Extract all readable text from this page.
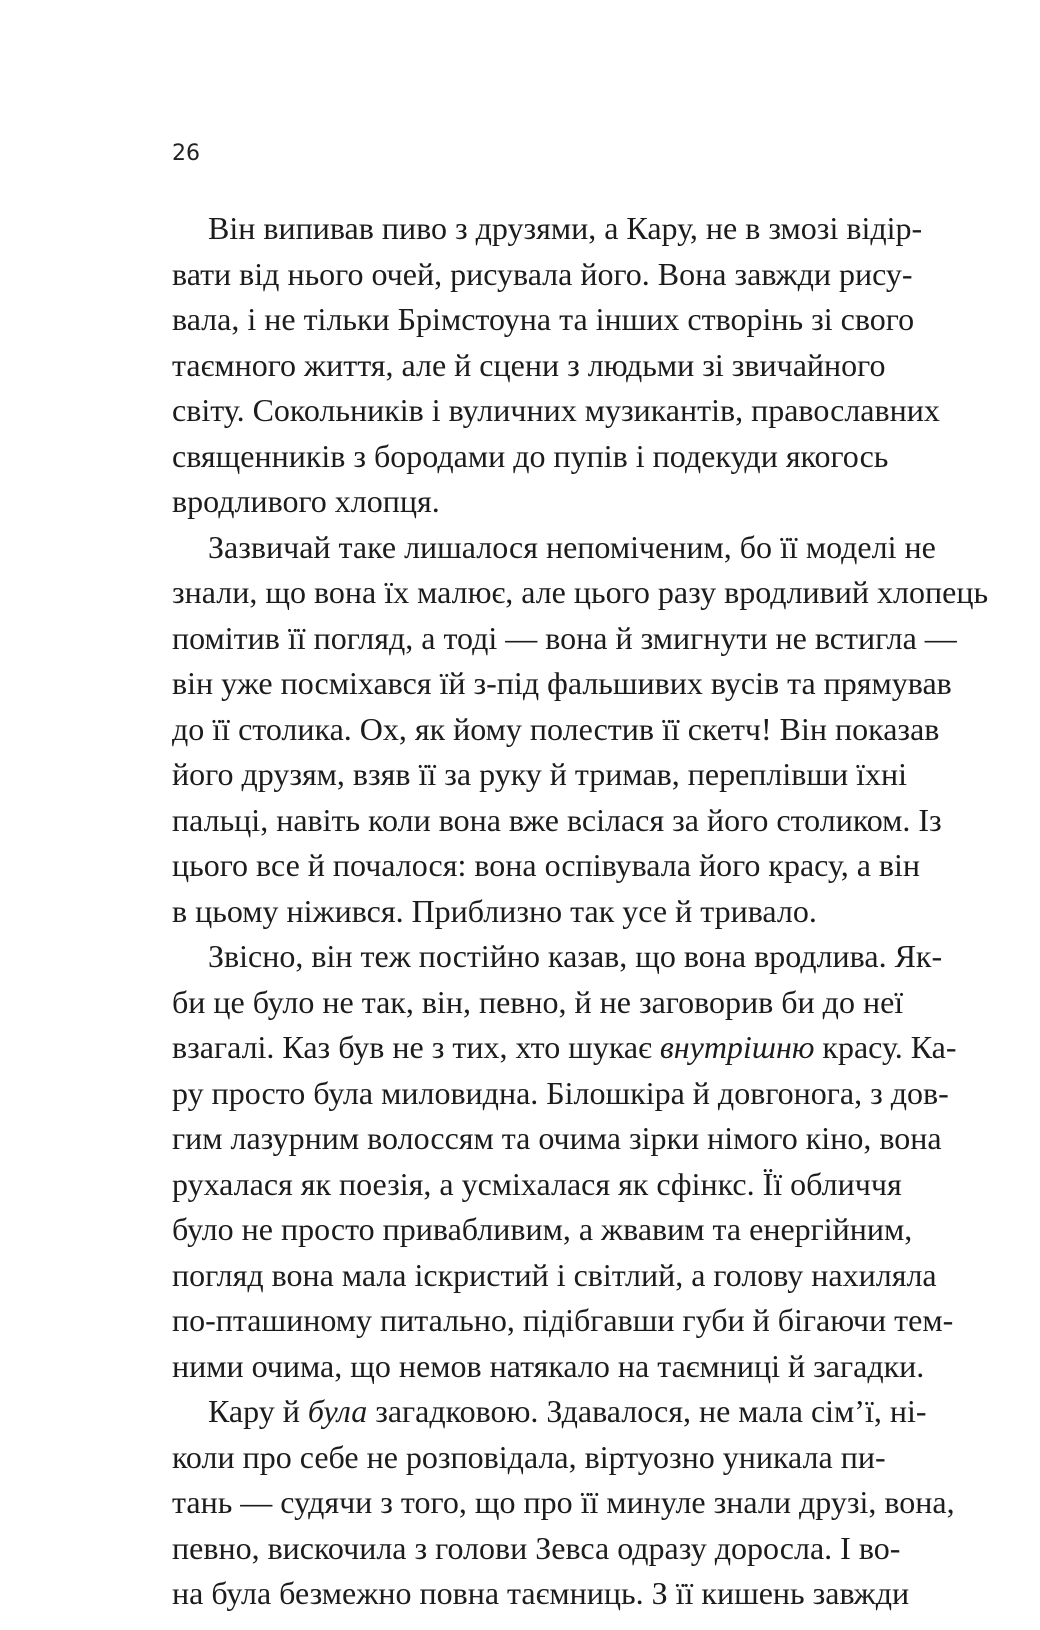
26

Він випивав пиво з друзями, а Кару, не в змозі відір-
вати від нього очей, рисувала його. Вона завжди рису-
вала, і не тільки Брімстоуна та інших створінь зі свого
таємного життя, але й сцени з людьми зі звичайного
світу. Сокольників і вуличних музикантів, православних
священників з бородами до пупів і подекуди якогось
вродливого хлопця.

Зазвичай таке лишалося непоміченим, бо її моделі не
знали, що вона їх малює, але цього разу вродливий хлопець
помітив її погляд, а тоді — вона й змигнути не встигла —
він уже посміхався їй з-під фальшивих вусів та прямував
до її столика. Ох, як йому полестив її скетч! Він показав
його друзям, взяв її за руку й тримав, переплівши їхні
пальці, навіть коли вона вже всілася за його столиком. Із
цього все й почалося: вона оспівувала його красу, а він
в цьому ніжився. Приблизно так усе й тривало.

Звісно, він теж постійно казав, що вона вродлива. Як-
би це було не так, він, певно, й не заговорив би до неї
взагалі. Каз був не з тих, хто шукає внутрішню красу. Ка-
ру просто була миловидна. Білошкіра й довгонога, з дов-
гим лазурним волоссям та очима зірки німого кіно, вона
рухалася як поезія, а усміхалася як сфінкс. Її обличчя
було не просто привабливим, а жвавим та енергійним,
погляд вона мала іскристий і світлий, а голову нахиляла
по-пташиному питально, підібгавши губи й бігаючи тем-
ними очима, що немов натякало на таємниці й загадки.

Кару й була загадковою. Здавалося, не мала сім’ї, ні-
коли про себе не розповідала, віртуозно уникала пи-
тань — судячи з того, що про її минуле знали друзі, вона,
певно, вискочила з голови Зевса одразу доросла. І во-
на була безмежно повна таємниць. З її кишень завжди
